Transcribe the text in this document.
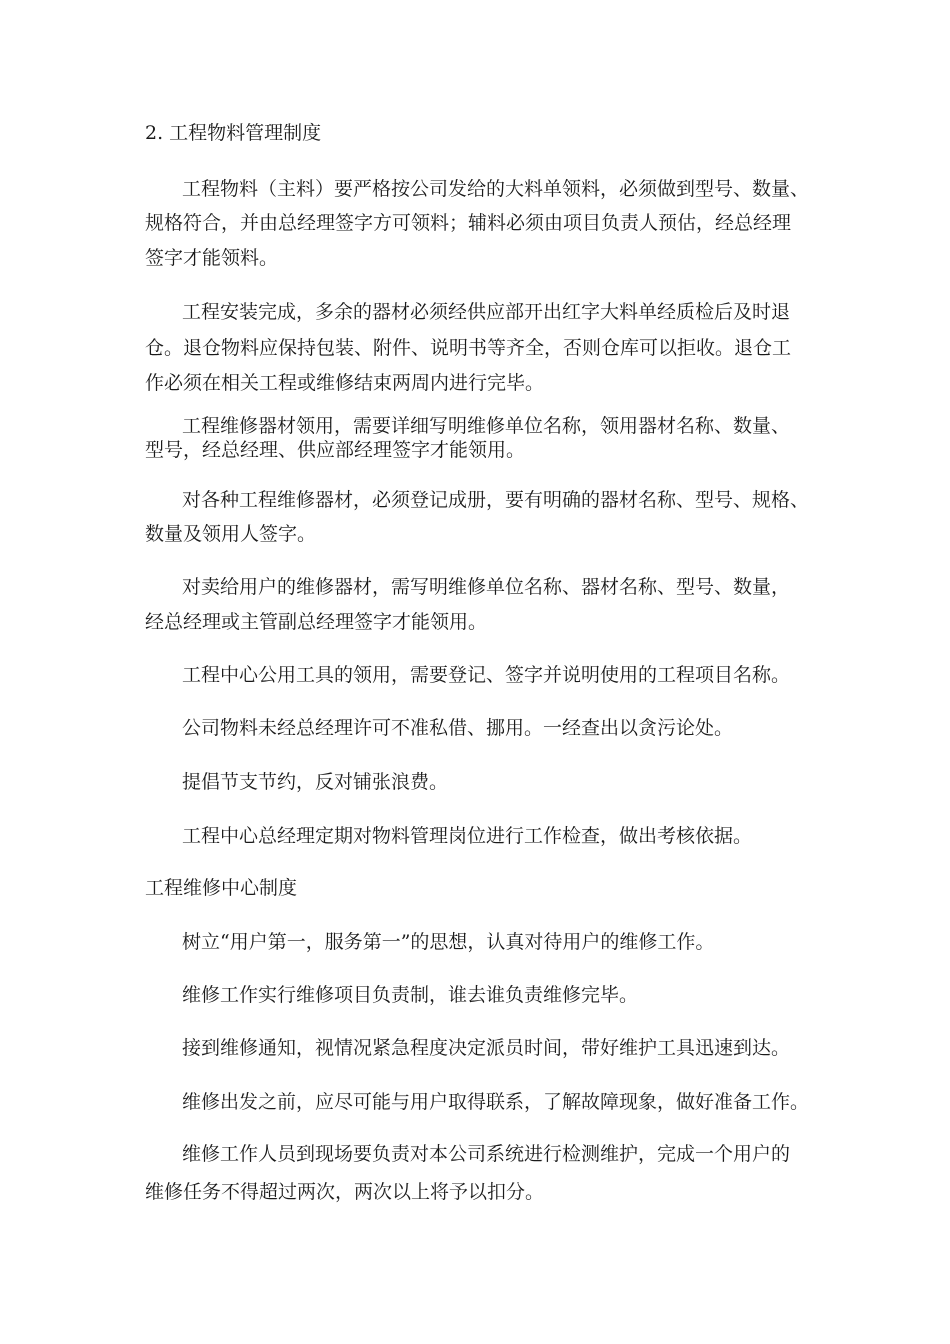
2. 工程物料管理制度
工程物料（主料）要严格按公司发给的大料单领料，必须做到型号、数量、
规格符合，并由总经理签字方可领料；辅料必须由项目负责人预估，经总经理
签字才能领料。
工程安装完成，多余的器材必须经供应部开出红字大料单经质检后及时退
仓。退仓物料应保持包装、附件、说明书等齐全，否则仓库可以拒收。退仓工
作必须在相关工程或维修结束两周内进行完毕。
工程维修器材领用，需要详细写明维修单位名称，领用器材名称、数量、
型号，经总经理、供应部经理签字才能领用。
对各种工程维修器材，必须登记成册，要有明确的器材名称、型号、规格、
数量及领用人签字。
对卖给用户的维修器材，需写明维修单位名称、器材名称、型号、数量，
经总经理或主管副总经理签字才能领用。
工程中心公用工具的领用，需要登记、签字并说明使用的工程项目名称。
公司物料未经总经理许可不准私借、挪用。一经查出以贪污论处。
提倡节支节约，反对铺张浪费。
工程中心总经理定期对物料管理岗位进行工作检查，做出考核依据。
工程维修中心制度
树立“用户第一，服务第一”的思想，认真对待用户的维修工作。
维修工作实行维修项目负责制，谁去谁负责维修完毕。
接到维修通知，视情况紧急程度决定派员时间，带好维护工具迅速到达。
维修出发之前，应尽可能与用户取得联系，了解故障现象，做好准备工作。
维修工作人员到现场要负责对本公司系统进行检测维护，完成一个用户的
维修任务不得超过两次，两次以上将予以扣分。
